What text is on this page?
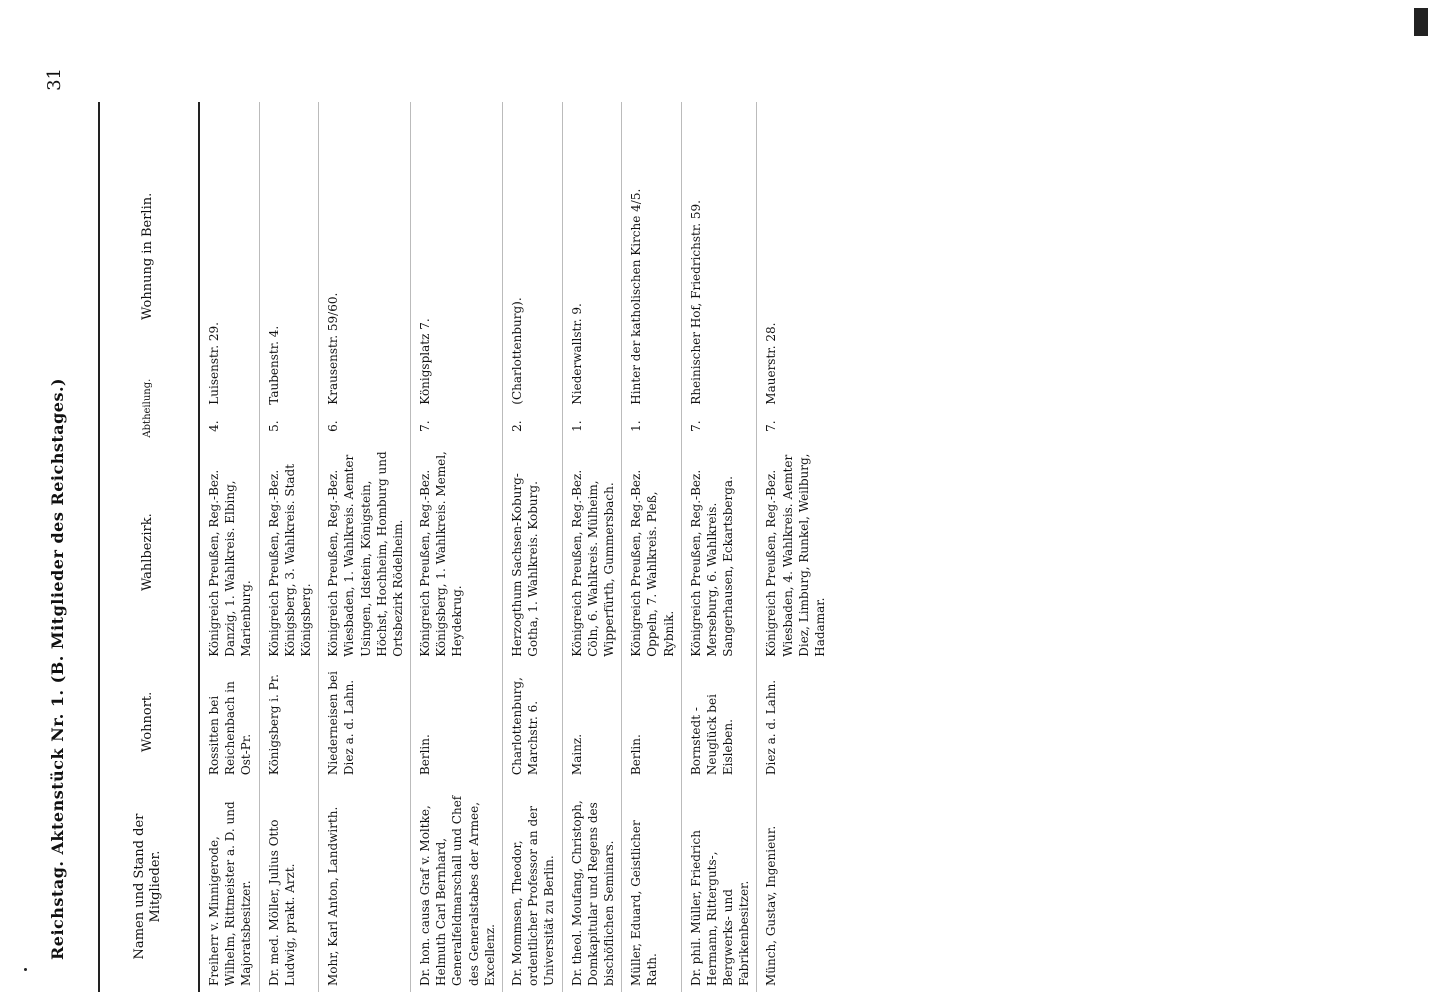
Reichstag. Aktenstück Nr. 1. (B. Mitglieder des Reichstages.)
31
Namen und Stand der Mitglieder.	Wohnort.	Wahlbezirk.	Abtheilung.	Wohnung in Berlin.
Freiherr v. Minnigerode, Wilhelm, Rittmeister a. D. und Majoratsbesitzer.	Rossitten bei Reichenbach in Ost-Pr.	Königreich Preußen, Reg.-Bez. Danzig, 1. Wahlkreis. Elbing, Marienburg.	4.	Luisenstr. 29.
Dr. med. Möller, Julius Otto Ludwig, prakt. Arzt.	Königsberg i. Pr.	Königreich Preußen, Reg.-Bez. Königsberg, 3. Wahlkreis. Stadt Königsberg.	5.	Taubenstr. 4.
Mohr, Karl Anton, Landwirth.	Niederneisen bei Diez a. d. Lahn.	Königreich Preußen, Reg.-Bez. Wiesbaden, 1. Wahlkreis. Aemter Usingen, Idstein, Königstein, Höchst, Hochheim, Homburg und Ortsbezirk Rödelheim.	6.	Krausenstr. 59/60.
Dr. hon. causa Graf v. Moltke, Helmuth Carl Bernhard, Generalfeldmarschall und Chef des Generalstabes der Armee, Excellenz.	Berlin.	Königreich Preußen, Reg.-Bez. Königsberg, 1. Wahlkreis. Memel, Heydekrug.	7.	Königsplatz 7.
Dr. Mommsen, Theodor, ordentlicher Professor an der Universität zu Berlin.	Charlottenburg, Marchstr. 6.	Herzogthum Sachsen-Koburg-Gotha, 1. Wahlkreis. Koburg.	2.	(Charlottenburg).
Dr. theol. Moufang, Christoph, Domkapitular und Regens des bischöflichen Seminars.	Mainz.	Königreich Preußen, Reg.-Bez. Cöln, 6. Wahlkreis. Mülheim, Wipperfürth, Gummersbach.	1.	Niederwallstr. 9.
Müller, Eduard, Geistlicher Rath.	Berlin.	Königreich Preußen, Reg.-Bez. Oppeln, 7. Wahlkreis. Pleß, Rybnik.	1.	Hinter der katholischen Kirche 4/5.
Dr. phil. Müller, Friedrich Hermann, Ritterguts-, Bergwerks- und Fabrikenbesitzer.	Bornstedt - Neuglück bei Eisleben.	Königreich Preußen, Reg.-Bez. Merseburg, 6. Wahlkreis. Sangerhausen, Eckartsberga.	7.	Rheinischer Hof, Friedrichstr. 59.
Münch, Gustav, Ingenieur.	Diez a. d. Lahn.	Königreich Preußen, Reg.-Bez. Wiesbaden, 4. Wahlkreis. Aemter Diez, Limburg, Runkel, Weilburg, Hadamar.	7.	Mauerstr. 28.
